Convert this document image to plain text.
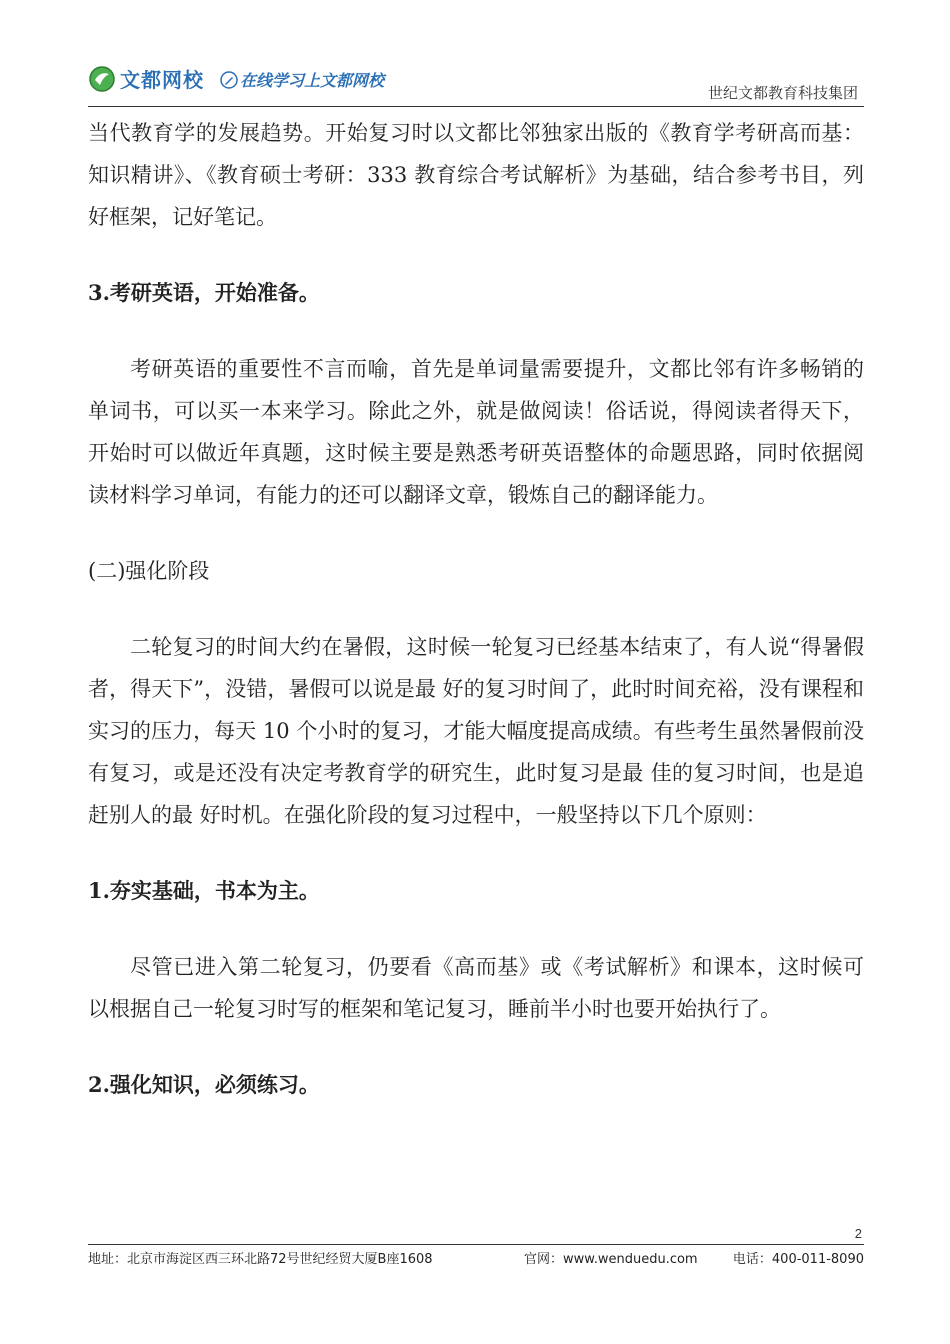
文都网校 在线学习上文都网校
世纪文都教育科技集团

当代教育学的发展趋势。开始复习时以文都比邻独家出版的《教育学考研高而基：知识精讲》、《教育硕士考研：333 教育综合考试解析》为基础，结合参考书目，列好框架，记好笔记。

3.考研英语，开始准备。

考研英语的重要性不言而喻，首先是单词量需要提升，文都比邻有许多畅销的单词书，可以买一本来学习。除此之外，就是做阅读！俗话说，得阅读者得天下，开始时可以做近年真题，这时候主要是熟悉考研英语整体的命题思路，同时依据阅读材料学习单词，有能力的还可以翻译文章，锻炼自己的翻译能力。

(二)强化阶段

二轮复习的时间大约在暑假，这时候一轮复习已经基本结束了，有人说“得暑假者，得天下”，没错，暑假可以说是最 好的复习时间了，此时时间充裕，没有课程和实习的压力，每天 10 个小时的复习，才能大幅度提高成绩。有些考生虽然暑假前没有复习，或是还没有决定考教育学的研究生，此时复习是最 佳的复习时间，也是追赶别人的最 好时机。在强化阶段的复习过程中，一般坚持以下几个原则：

1.夯实基础，书本为主。

尽管已进入第二轮复习，仍要看《高而基》或《考试解析》和课本，这时候可以根据自己一轮复习时写的框架和笔记复习，睡前半小时也要开始执行了。

2.强化知识，必须练习。

2
地址：北京市海淀区西三环北路72号世纪经贸大厦B座1608	官网：www.wenduedu.com	电话：400-011-8090
